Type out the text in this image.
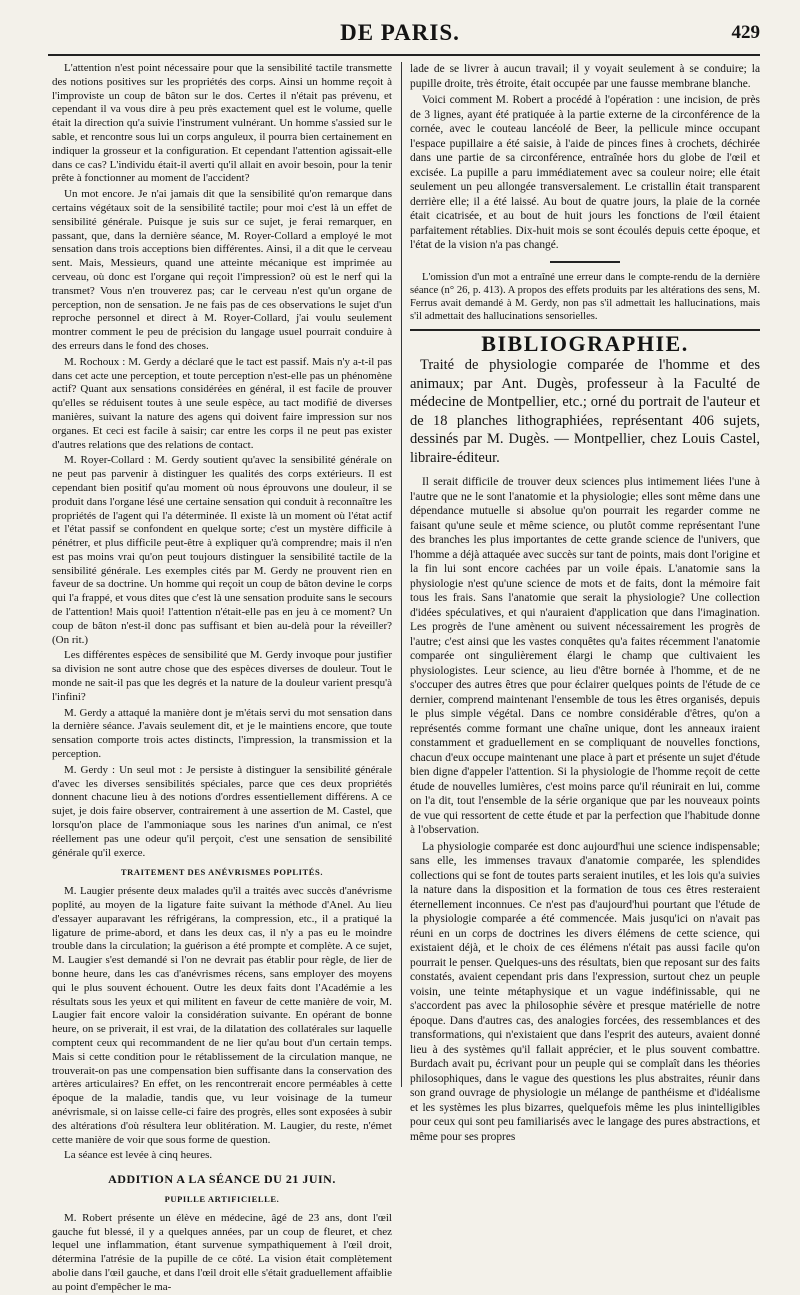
DE PARIS.	429

L'attention n'est point nécessaire pour que la sensibilité tactile transmette des notions positives sur les propriétés des corps. Ainsi un homme reçoit à l'improviste un coup de bâton sur le dos. Certes il n'était pas prévenu, et cependant il va vous dire à peu près exactement quel est le volume, quelle était la direction qu'a suivie l'instrument vulnérant. Un homme s'assied sur le sable, et rencontre sous lui un corps anguleux, il pourra bien certainement en indiquer la grosseur et la configuration. Et cependant l'attention agissait-elle dans ce cas? L'individu était-il averti qu'il allait en avoir besoin, pour la tenir prête à fonctionner au moment de l'accident?

Un mot encore. Je n'ai jamais dit que la sensibilité qu'on remarque dans certains végétaux soit de la sensibilité tactile; pour moi c'est là un effet de sensibilité générale. Puisque je suis sur ce sujet, je ferai remarquer, en passant, que, dans la dernière séance, M. Royer-Collard a employé le mot sensation dans trois acceptions bien différentes. Ainsi, il a dit que le cerveau sent. Mais, Messieurs, quand une atteinte mécanique est imprimée au cerveau, où donc est l'organe qui reçoit l'impression? où est le nerf qui la transmet? Vous n'en trouverez pas; car le cerveau n'est qu'un organe de perception, non de sensation. Je ne fais pas de ces observations le sujet d'un reproche personnel et direct à M. Royer-Collard, j'ai voulu seulement montrer comment le peu de précision du langage usuel pourrait conduire à des erreurs dans le fond des choses.

M. Rochoux : M. Gerdy a déclaré que le tact est passif. Mais n'y a-t-il pas dans cet acte une perception, et toute perception n'est-elle pas un phénomène actif? Quant aux sensations considérées en général, il est facile de prouver qu'elles se réduisent toutes à une seule espèce, au tact modifié de diverses manières, suivant la nature des agens qui doivent faire impression sur nos organes. Et ceci est facile à saisir; car entre les corps il ne peut pas exister d'autres relations que des relations de contact.

M. Royer-Collard : M. Gerdy soutient qu'avec la sensibilité générale on ne peut pas parvenir à distinguer les qualités des corps extérieurs. Il est cependant bien positif qu'au moment où nous éprouvons une douleur, il se produit dans l'organe lésé une certaine sensation qui conduit à reconnaître les propriétés de l'agent qui l'a déterminée. Il existe là un moment où l'état actif et l'état passif se confondent en quelque sorte; c'est un mystère difficile à pénétrer, et plus difficile peut-être à expliquer qu'à comprendre; mais il n'en est pas moins vrai qu'on peut toujours distinguer la sensibilité tactile de la sensibilité générale. Les exemples cités par M. Gerdy ne prouvent rien en faveur de sa doctrine. Un homme qui reçoit un coup de bâton devine le corps qui l'a frappé, et vous dites que c'est là une sensation produite sans le secours de l'attention! Mais quoi! l'attention n'était-elle pas en jeu à ce moment? Un coup de bâton n'est-il donc pas suffisant et bien au-delà pour la réveiller? (On rit.)

Les différentes espèces de sensibilité que M. Gerdy invoque pour justifier sa division ne sont autre chose que des espèces diverses de douleur. Tout le monde ne sait-il pas que les degrés et la nature de la douleur varient presqu'à l'infini?

M. Gerdy a attaqué la manière dont je m'étais servi du mot sensation dans la dernière séance. J'avais seulement dit, et je le maintiens encore, que toute sensation comporte trois actes distincts, l'impression, la transmission et la perception.

M. Gerdy : Un seul mot : Je persiste à distinguer la sensibilité générale d'avec les diverses sensibilités spéciales, parce que ces deux propriétés donnent chacune lieu à des notions d'ordres essentiellement différens. A ce sujet, je dois faire observer, contrairement à une assertion de M. Castel, que lorsqu'on place de l'ammoniaque sous les narines d'un animal, ce n'est réellement pas une odeur qu'il perçoit, c'est une sensation de sensibilité générale qu'il exerce.

TRAITEMENT DES ANÉVRISMES POPLITÉS.

M. Laugier présente deux malades qu'il a traités avec succès d'anévrisme poplité, au moyen de la ligature faite suivant la méthode d'Anel. Au lieu d'essayer auparavant les réfrigérans, la compression, etc., il a pratiqué la ligature de prime-abord, et dans les deux cas, il n'y a pas eu le moindre trouble dans la circulation; la guérison a été prompte et complète. A ce sujet, M. Laugier s'est demandé si l'on ne devrait pas établir pour règle, de lier de bonne heure, dans les cas d'anévrismes récens, sans employer des moyens qui le plus souvent échouent. Outre les deux faits dont l'Académie a les résultats sous les yeux et qui militent en faveur de cette manière de voir, M. Laugier fait encore valoir la considération suivante. En opérant de bonne heure, on se priverait, il est vrai, de la dilatation des collatérales sur laquelle comptent ceux qui recommandent de ne lier qu'au bout d'un certain temps. Mais si cette condition pour le rétablissement de la circulation manque, ne trouverait-on pas une compensation bien suffisante dans la conservation des artères articulaires? En effet, on les rencontrerait encore perméables à cette époque de la maladie, tandis que, vu leur voisinage de la tumeur anévrismale, si on laisse celle-ci faire des progrès, elles sont exposées à subir des altérations d'où résultera leur oblitération. M. Laugier, du reste, n'émet cette manière de voir que sous forme de question.

La séance est levée à cinq heures.

ADDITION A LA SÉANCE DU 21 JUIN.
PUPILLE ARTIFICIELLE.

M. Robert présente un élève en médecine, âgé de 23 ans, dont l'œil gauche fut blessé, il y a quelques années, par un coup de fleuret, et chez lequel une inflammation, étant survenue sympathiquement à l'œil droit, détermina l'atrésie de la pupille de ce côté. La vision était complètement abolie dans l'œil gauche, et dans l'œil droit elle s'était graduellement affaiblie au point d'empêcher le ma-

lade de se livrer à aucun travail; il y voyait seulement à se conduire; la pupille droite, très étroite, était occupée par une fausse membrane blanche.

Voici comment M. Robert a procédé à l'opération : une incision, de près de 3 lignes, ayant été pratiquée à la partie externe de la circonférence de la cornée, avec le couteau lancéolé de Beer, la pellicule mince occupant l'espace pupillaire a été saisie, à l'aide de pinces fines à crochets, déchirée dans une partie de sa circonférence, entraînée hors du globe de l'œil et excisée. La pupille a paru immédiatement avec sa couleur noire; elle était seulement un peu allongée transversalement. Le cristallin était transparent derrière elle; il a été laissé. Au bout de quatre jours, la plaie de la cornée était cicatrisée, et au bout de huit jours les fonctions de l'œil étaient parfaitement rétablies. Dix-huit mois se sont écoulés depuis cette époque, et l'état de la vision n'a pas changé.

L'omission d'un mot a entraîné une erreur dans le compte-rendu de la dernière séance (n° 26, p. 413). A propos des effets produits par les altérations des sens, M. Ferrus avait demandé à M. Gerdy, non pas s'il admettait les hallucinations, mais s'il admettait des hallucinations sensorielles.

BIBLIOGRAPHIE.
Traité de physiologie comparée de l'homme et des animaux; par Ant. Dugès, professeur à la Faculté de médecine de Montpellier, etc.; orné du portrait de l'auteur et de 18 planches lithographiées, représentant 406 sujets, dessinés par M. Dugès. — Montpellier, chez Louis Castel, libraire-éditeur.

Il serait difficile de trouver deux sciences plus intimement liées l'une à l'autre que ne le sont l'anatomie et la physiologie; elles sont même dans une dépendance mutuelle si absolue qu'on pourrait les regarder comme ne faisant qu'une seule et même science, ou plutôt comme représentant l'une des branches les plus importantes de cette grande science de l'univers, que l'homme a déjà attaquée avec succès sur tant de points, mais dont l'origine et la fin lui sont encore cachées par un voile épais. L'anatomie sans la physiologie n'est qu'une science de mots et de faits, dont la mémoire fait tous les frais. Sans l'anatomie que serait la physiologie? Une collection d'idées spéculatives, et qui n'auraient d'application que dans l'imagination. Les progrès de l'une amènent ou suivent nécessairement les progrès de l'autre; c'est ainsi que les vastes conquêtes qu'a faites récemment l'anatomie comparée ont singulièrement élargi le champ que cultivaient les physiologistes. Leur science, au lieu d'être bornée à l'homme, et de ne s'occuper des autres êtres que pour éclairer quelques points de l'étude de ce dernier, comprend maintenant l'ensemble de tous les êtres organisés, depuis le plus simple végétal. Dans ce nombre considérable d'êtres, qu'on a représentés comme formant une chaîne unique, dont les anneaux iraient constamment et graduellement en se compliquant de nouvelles fonctions, chacun d'eux occupe maintenant une place à part et présente un sujet d'étude bien digne d'appeler l'attention. Si la physiologie de l'homme reçoit de cette étude de nouvelles lumières, c'est moins parce qu'il réunirait en lui, comme on l'a dit, tout l'ensemble de la série organique que par les nouveaux points de vue qui ressortent de cette étude et par la perfection que l'habitude donne à l'observation.

La physiologie comparée est donc aujourd'hui une science indispensable; sans elle, les immenses travaux d'anatomie comparée, les splendides collections qui se font de toutes parts seraient inutiles, et les lois qu'a suivies la nature dans la disposition et la formation de tous ces êtres resteraient éternellement inconnues. Ce n'est pas d'aujourd'hui pourtant que l'étude de la physiologie comparée a été commencée. Mais jusqu'ici on n'avait pas réuni en un corps de doctrines les divers élémens de cette science, qui existaient déjà, et le choix de ces élémens n'était pas aussi facile qu'on pourrait le penser. Quelques-uns des résultats, bien que reposant sur des faits constatés, avaient cependant pris dans l'expression, surtout chez un peuple voisin, une teinte métaphysique et un vague indéfinissable, qui ne s'accordent pas avec la philosophie sévère et presque matérielle de notre époque. Dans d'autres cas, des analogies forcées, des ressemblances et des transformations, qui n'existaient que dans l'esprit des auteurs, avaient donné lieu à des systèmes qu'il fallait apprécier, et le plus souvent combattre. Burdach avait pu, écrivant pour un peuple qui se complaît dans les théories philosophiques, dans le vague des questions les plus abstraites, réunir dans son grand ouvrage de physiologie un mélange de panthéisme et d'idéalisme et les systèmes les plus bizarres, quelquefois même les plus inintelligibles pour ceux qui sont peu familiarisés avec le langage des pures abstractions, et même pour ses propres
